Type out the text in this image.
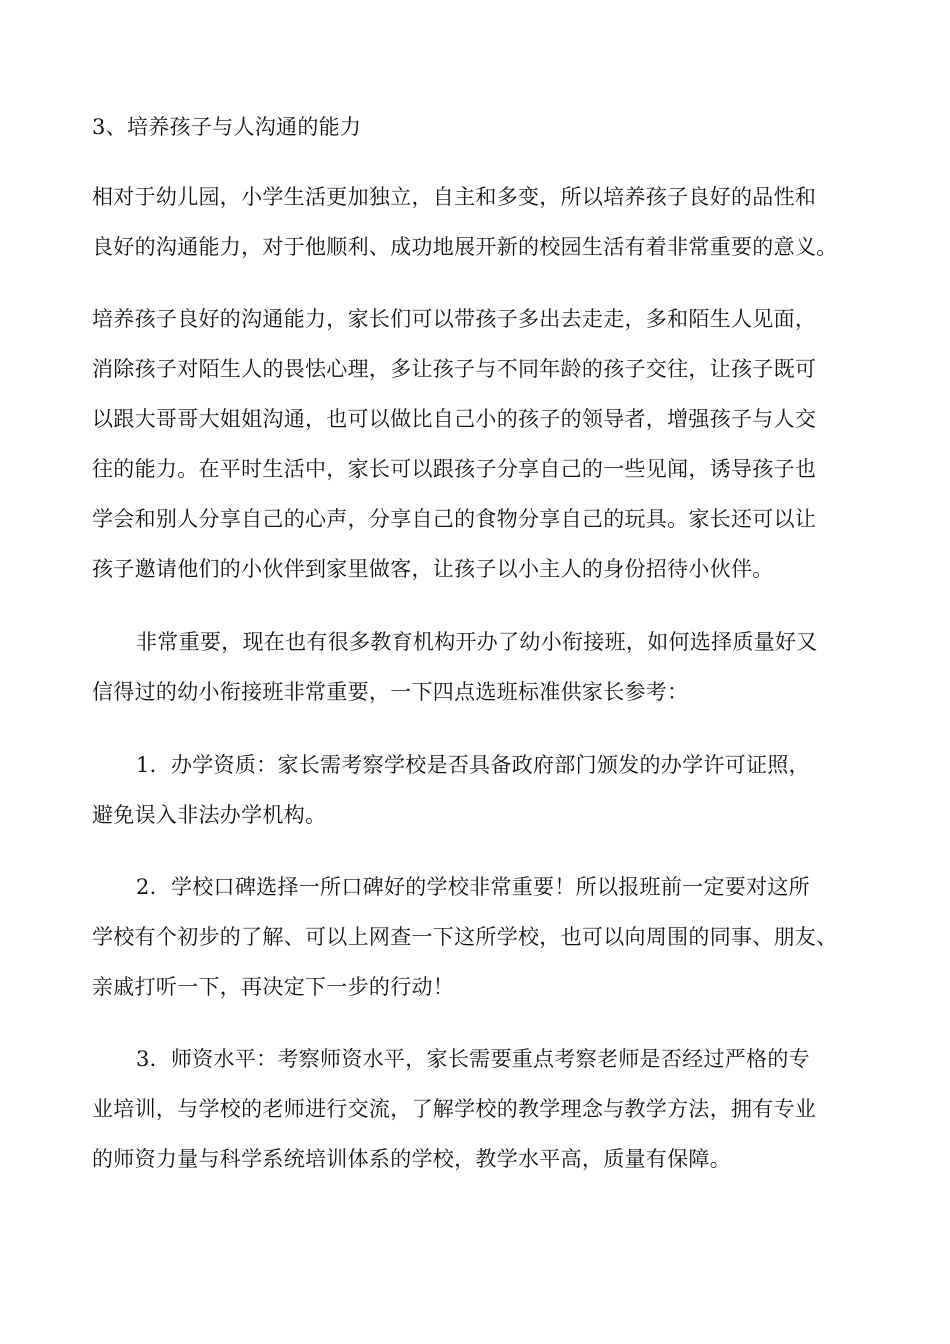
3、培养孩子与人沟通的能力
相对于幼儿园，小学生活更加独立，自主和多变，所以培养孩子良好的品性和
良好的沟通能力，对于他顺利、成功地展开新的校园生活有着非常重要的意义。
培养孩子良好的沟通能力，家长们可以带孩子多出去走走，多和陌生人见面，
消除孩子对陌生人的畏怯心理，多让孩子与不同年龄的孩子交往，让孩子既可
以跟大哥哥大姐姐沟通，也可以做比自己小的孩子的领导者，增强孩子与人交
往的能力。在平时生活中，家长可以跟孩子分享自己的一些见闻，诱导孩子也
学会和别人分享自己的心声，分享自己的食物分享自己的玩具。家长还可以让
孩子邀请他们的小伙伴到家里做客，让孩子以小主人的身份招待小伙伴。
非常重要，现在也有很多教育机构开办了幼小衔接班，如何选择质量好又
信得过的幼小衔接班非常重要，一下四点选班标准供家长参考：
1．办学资质：家长需考察学校是否具备政府部门颁发的办学许可证照，
避免误入非法办学机构。
2．学校口碑选择一所口碑好的学校非常重要！所以报班前一定要对这所
学校有个初步的了解、可以上网查一下这所学校，也可以向周围的同事、朋友、
亲戚打听一下，再决定下一步的行动！
3．师资水平：考察师资水平，家长需要重点考察老师是否经过严格的专
业培训，与学校的老师进行交流，了解学校的教学理念与教学方法，拥有专业
的师资力量与科学系统培训体系的学校，教学水平高，质量有保障。
